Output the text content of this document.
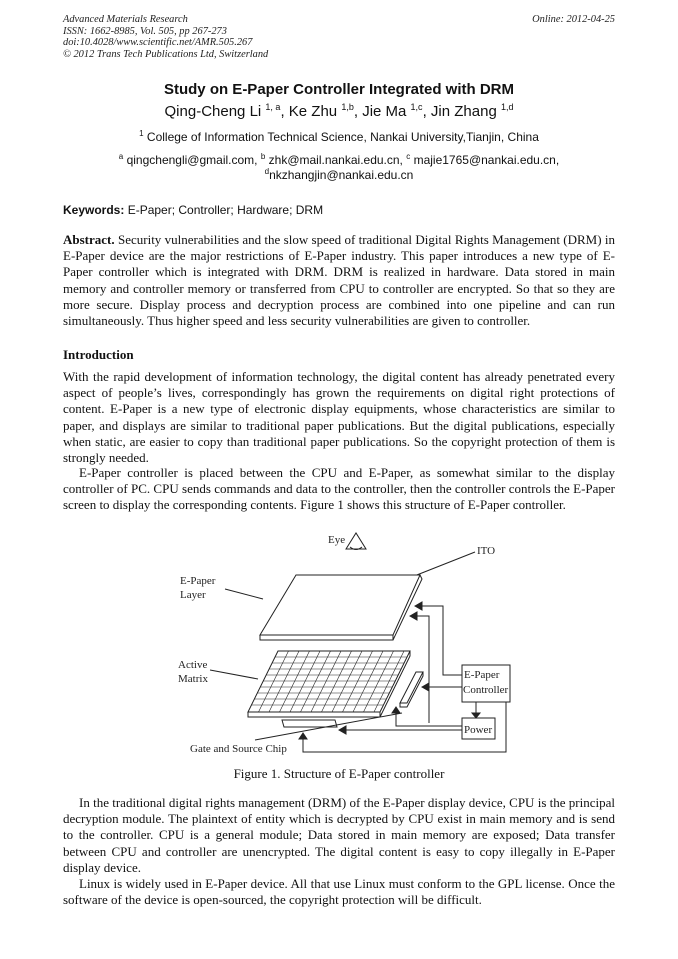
Advanced Materials Research
ISSN: 1662-8985, Vol. 505, pp 267-273
doi:10.4028/www.scientific.net/AMR.505.267
© 2012 Trans Tech Publications Ltd, Switzerland
Online: 2012-04-25
Study on E-Paper Controller Integrated with DRM
Qing-Cheng Li $^{1, a}$, Ke Zhu $^{1,b}$, Jie Ma $^{1,c}$, Jin Zhang $^{1,d}$
$^1$ College of Information Technical Science, Nankai University,Tianjin, China
$^a$ qingchengli@gmail.com, $^b$ zhk@mail.nankai.edu.cn, $^c$ majie1765@nankai.edu.cn,
$^d$nkzhangjin@nankai.edu.cn
Keywords: E-Paper; Controller; Hardware; DRM
Abstract. Security vulnerabilities and the slow speed of traditional Digital Rights Management (DRM) in E-Paper device are the major restrictions of E-Paper industry. This paper introduces a new type of E-Paper controller which is integrated with DRM. DRM is realized in hardware. Data stored in main memory and controller memory or transferred from CPU to controller are encrypted. So that so they are more secure. Display process and decryption process are combined into one pipeline and can run simultaneously. Thus higher speed and less security vulnerabilities are given to controller.
Introduction
With the rapid development of information technology, the digital content has already penetrated every aspect of people’s lives, correspondingly has grown the requirements on digital right protections of content. E-Paper is a new type of electronic display equipments, whose characteristics are similar to paper, and displays are similar to traditional paper publications. But the digital publications, especially when static, are easier to copy than traditional paper publications. So the copyright protection of them is strongly needed.
E-Paper controller is placed between the CPU and E-Paper, as somewhat similar to the display controller of PC. CPU sends commands and data to the controller, then the controller controls the E-Paper screen to display the corresponding contents. Figure 1 shows this structure of E-Paper controller.
Eye
ITO
E-Paper
Layer
Active
Matrix	E-Paper
Controller
Power
Gate and Source Chip
Figure 1. Structure of E-Paper controller
In the traditional digital rights management (DRM) of the E-Paper display device, CPU is the principal decryption module. The plaintext of entity which is decrypted by CPU exist in main memory and is send to the controller. CPU is a general module; Data stored in main memory are exposed; Data transfer between CPU and controller are unencrypted. The digital content is easy to copy illegally in E-Paper display device.
Linux is widely used in E-Paper device. All that use Linux must conform to the GPL license. Once the software of the device is open-sourced, the copyright protection will be difficult.
